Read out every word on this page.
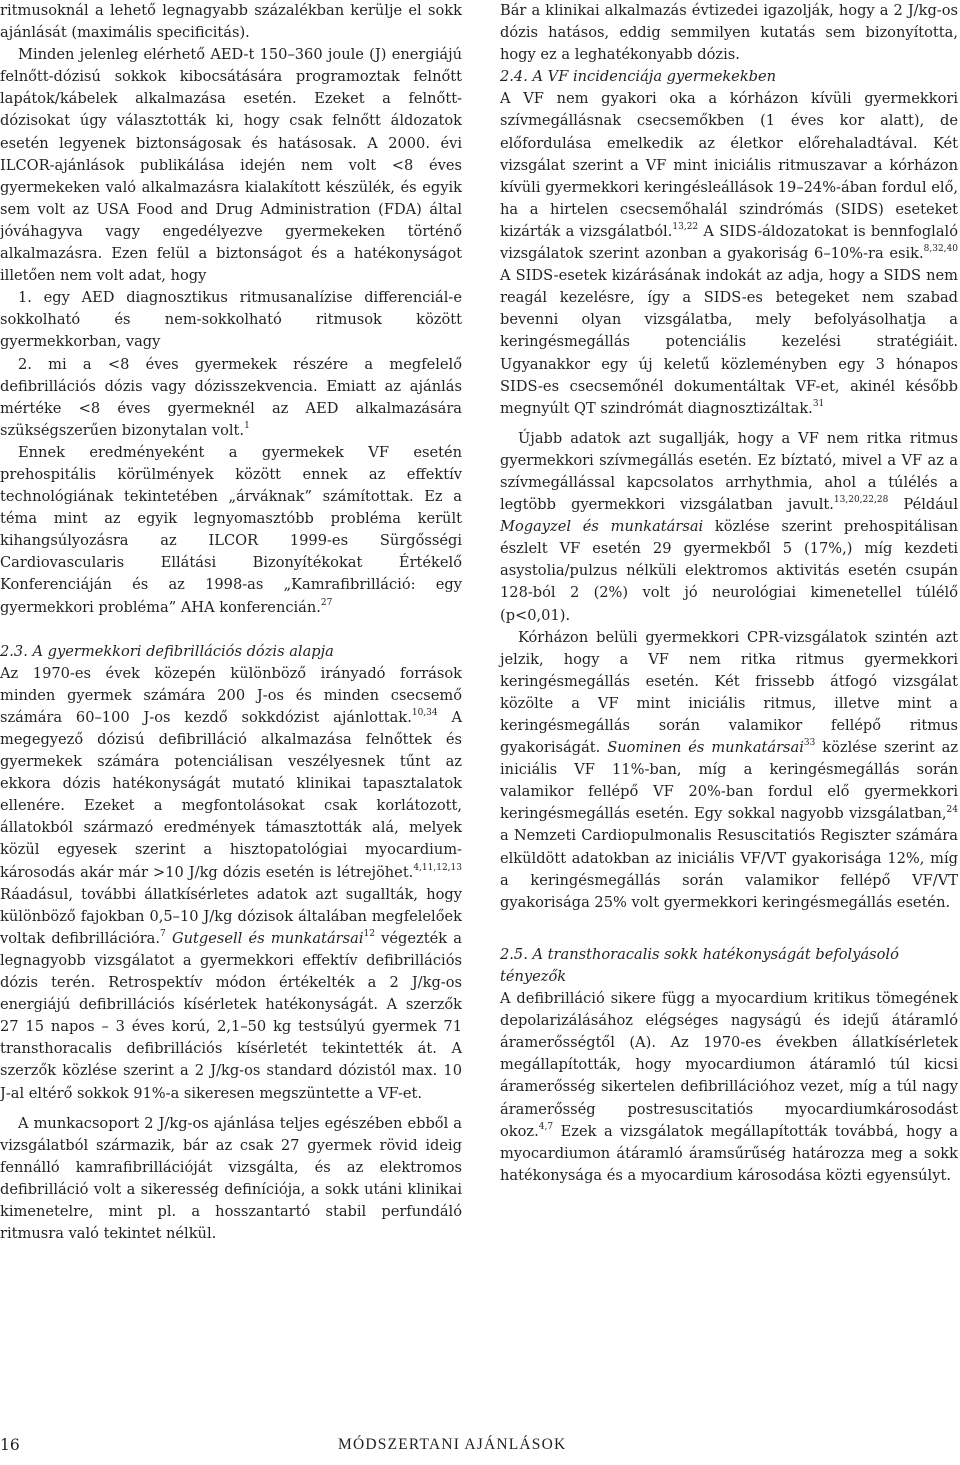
ritmusoknál a lehető legnagyabb százalékban kerülje el sokk ajánlását (maximális specificitás).

Minden jelenleg elérhető AED-t 150–360 joule (J) energiájú felnőtt-dózisú sokkok kibocsátására programoztak felnőtt lapátok/kábelek alkalmazása esetén. Ezeket a felnőtt-dózisokat úgy választották ki, hogy csak felnőtt áldozatok esetén legyenek biztonságosak és hatásosak. A 2000. évi ILCOR-ajánlások publikálása idején nem volt <8 éves gyermekeken való alkalmazásra kialakított készülék, és egyik sem volt az USA Food and Drug Administration (FDA) által jóváhagyva vagy engedélyezve gyermekeken történő alkalmazásra. Ezen felül a biztonságot és a hatékonyságot illetően nem volt adat, hogy

1. egy AED diagnosztikus ritmusanalízise differenciál-e sokkolható és nem-sokkolható ritmusok között gyermekkorban, vagy

2. mi a <8 éves gyermekek részére a megfelelő defibrillációs dózis vagy dózisszekvencia. Emiatt az ajánlás mértéke <8 éves gyermeknél az AED alkalmazására szükségszerűen bizonytalan volt.$^1$

Ennek eredményeként a gyermekek VF esetén prehospitális körülmények között ennek az effektív technológiának tekintetében „árváknak” számítottak. Ez a téma mint az egyik legnyomasztóbb probléma került kihangsúlyozásra az ILCOR 1999-es Sürgősségi Cardiovascularis Ellátási Bizonyítékokat Értékelő Konferenciáján és az 1998-as „Kamrafibrilláció: egy gyermekkori probléma” AHA konferencián.$^{27}$

2.3. A gyermekkori defibrillációs dózis alapja

Az 1970-es évek közepén különböző irányadó források minden gyermek számára 200 J-os és minden csecsemő számára 60–100 J-os kezdő sokkdózist ajánlottak.$^{10,34}$ A megegyező dózisú defibrilláció alkalmazása felnőttek és gyermekek számára potenciálisan veszélyesnek tűnt az ekkora dózis hatékonyságát mutató klinikai tapasztalatok ellenére. Ezeket a megfontolásokat csak korlátozott, állatokból származó eredmények támasztották alá, melyek közül egyesek szerint a hisztopatológiai myocardium-károsodás akár már >10 J/kg dózis esetén is létrejöhet.$^{4,11,12,13}$ Ráadásul, további állatkísérletes adatok azt sugallták, hogy különböző fajokban 0,5–10 J/kg dózisok általában megfelelőek voltak defibrillációra.$^7$ Gutgesell és munkatársai$^{12}$ végezték a legnagyobb vizsgálatot a gyermekkori effektív defibrillációs dózis terén. Retrospektív módon értékelték a 2 J/kg-os energiájú defibrillációs kísérletek hatékonyságát. A szerzők 27 15 napos – 3 éves korú, 2,1–50 kg testsúlyú gyermek 71 transthoracalis defibrillációs kísérletét tekintették át. A szerzők közlése szerint a 2 J/kg-os standard dózistól max. 10 J-al eltérő sokkok 91%-a sikeresen megszüntette a VF-et.

A munkacsoport 2 J/kg-os ajánlása teljes egészében ebből a vizsgálatból származik, bár az csak 27 gyermek rövid ideig fennálló kamrafibrillációját vizsgálta, és az elektromos defibrilláció volt a sikeresség definíciója, a sokk utáni klinikai kimenetelre, mint pl. a hosszantartó stabil perfundáló ritmusra való tekintet nélkül.

Bár a klinikai alkalmazás évtizedei igazolják, hogy a 2 J/kg-os dózis hatásos, eddig semmilyen kutatás sem bizonyította, hogy ez a leghatékonyabb dózis.

2.4. A VF incidenciája gyermekekben

A VF nem gyakori oka a kórházon kívüli gyermekkori szívmegállásnak csecsemőkben (1 éves kor alatt), de előfordulása emelkedik az életkor előrehaladtával. Két vizsgálat szerint a VF mint iniciális ritmuszavar a kórházon kívüli gyermekkori keringésleállások 19–24%-ában fordul elő, ha a hirtelen csecsemőhalál szindrómás (SIDS) eseteket kizárták a vizsgálatból.$^{13,22}$ A SIDS-áldozatokat is bennfoglaló vizsgálatok szerint azonban a gyakoriság 6–10%-ra esik.$^{8,32,40}$ A SIDS-esetek kizárásának indokát az adja, hogy a SIDS nem reagál kezelésre, így a SIDS-es betegeket nem szabad bevenni olyan vizsgálatba, mely befolyásolhatja a keringésmegállás potenciális kezelési stratégiáit. Ugyanakkor egy új keletű közleményben egy 3 hónapos SIDS-es csecsemőnél dokumentáltak VF-et, akinél később megnyúlt QT szindrómát diagnosztizáltak.$^{31}$

Újabb adatok azt sugallják, hogy a VF nem ritka ritmus gyermekkori szívmegállás esetén. Ez bíztató, mivel a VF az a szívmegállással kapcsolatos arrhythmia, ahol a túlélés a legtöbb gyermekkori vizsgálatban javult.$^{13,20,22,28}$ Például Mogayzel és munkatársai közlése szerint prehospitálisan észlelt VF esetén 29 gyermekből 5 (17%,) míg kezdeti asystolia/pulzus nélküli elektromos aktivitás esetén csupán 128-ból 2 (2%) volt jó neurológiai kimenetellel túlélő (p<0,01).

Kórházon belüli gyermekkori CPR-vizsgálatok szintén azt jelzik, hogy a VF nem ritka ritmus gyermekkori keringésmegállás esetén. Két frissebb átfogó vizsgálat közölte a VF mint iniciális ritmus, illetve mint a keringésmegállás során valamikor fellépő ritmus gyakoriságát. Suominen és munkatársai$^{33}$ közlése szerint az iniciális VF 11%-ban, míg a keringésmegállás során valamikor fellépő VF 20%-ban fordul elő gyermekkori keringésmegállás esetén. Egy sokkal nagyobb vizsgálatban,$^{24}$ a Nemzeti Cardiopulmonalis Resuscitatiós Regiszter számára elküldött adatokban az iniciális VF/VT gyakorisága 12%, míg a keringésmegállás során valamikor fellépő VF/VT gyakorisága 25% volt gyermekkori keringésmegállás esetén.

2.5. A transthoracalis sokk hatékonyságát befolyásoló tényezők

A defibrilláció sikere függ a myocardium kritikus tömegének depolarizálásához elégséges nagyságú és idejű átáramló áramerősségtől (A). Az 1970-es években állatkísérletek megállapították, hogy myocardiumon átáramló túl kicsi áramerősség sikertelen defibrillációhoz vezet, míg a túl nagy áramerősség postresuscitatiós myocardiumkárosodást okoz.$^{4,7}$ Ezek a vizsgálatok megállapították továbbá, hogy a myocardiumon átáramló áramsűrűség határozza meg a sokk hatékonysága és a myocardium károsodása közti egyensúlyt.

16	MÓDSZERTANI AJÁNLÁSOK
